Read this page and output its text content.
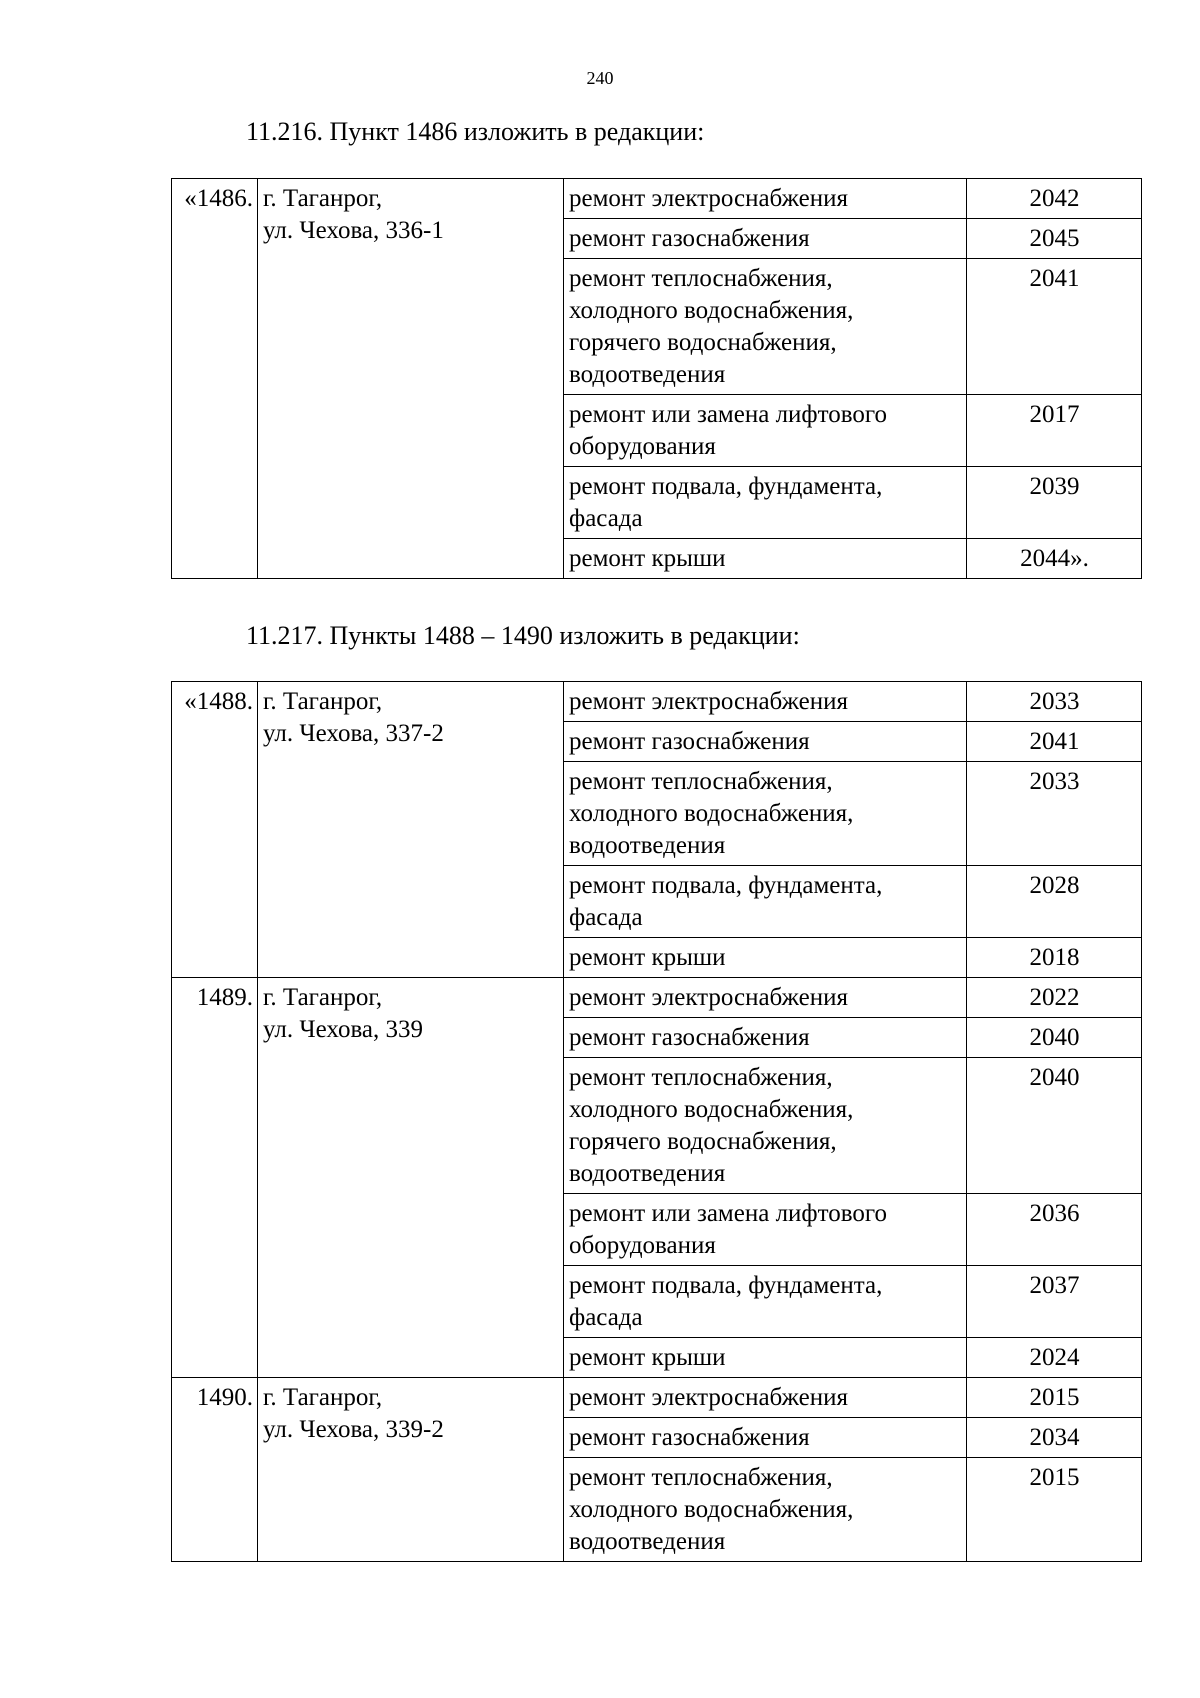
240
11.216. Пункт 1486 изложить в редакции:
«1486.	г. Таганрог,
ул. Чехова, 336-1	ремонт электроснабжения	2042

		ремонт газоснабжения	2045

		ремонт теплоснабжения,
холодного водоснабжения,
горячего водоснабжения,
водоотведения	2041

		ремонт или замена лифтового
оборудования	2017

		ремонт подвала, фундамента,
фасада	2039

		ремонт крыши	2044».
11.217. Пункты 1488 – 1490 изложить в редакции:
«1488.	г. Таганрог,
ул. Чехова, 337-2	ремонт электроснабжения	2033

		ремонт газоснабжения	2041

		ремонт теплоснабжения,
холодного водоснабжения,
водоотведения	2033

		ремонт подвала, фундамента,
фасада	2028

		ремонт крыши	2018
1489.	г. Таганрог,
ул. Чехова, 339	ремонт электроснабжения	2022

		ремонт газоснабжения	2040

		ремонт теплоснабжения,
холодного водоснабжения,
горячего водоснабжения,
водоотведения	2040

		ремонт или замена лифтового
оборудования	2036

		ремонт подвала, фундамента,
фасада	2037

		ремонт крыши	2024
1490.	г. Таганрог,
ул. Чехова, 339-2	ремонт электроснабжения	2015

		ремонт газоснабжения	2034

		ремонт теплоснабжения,
холодного водоснабжения,
водоотведения	2015
